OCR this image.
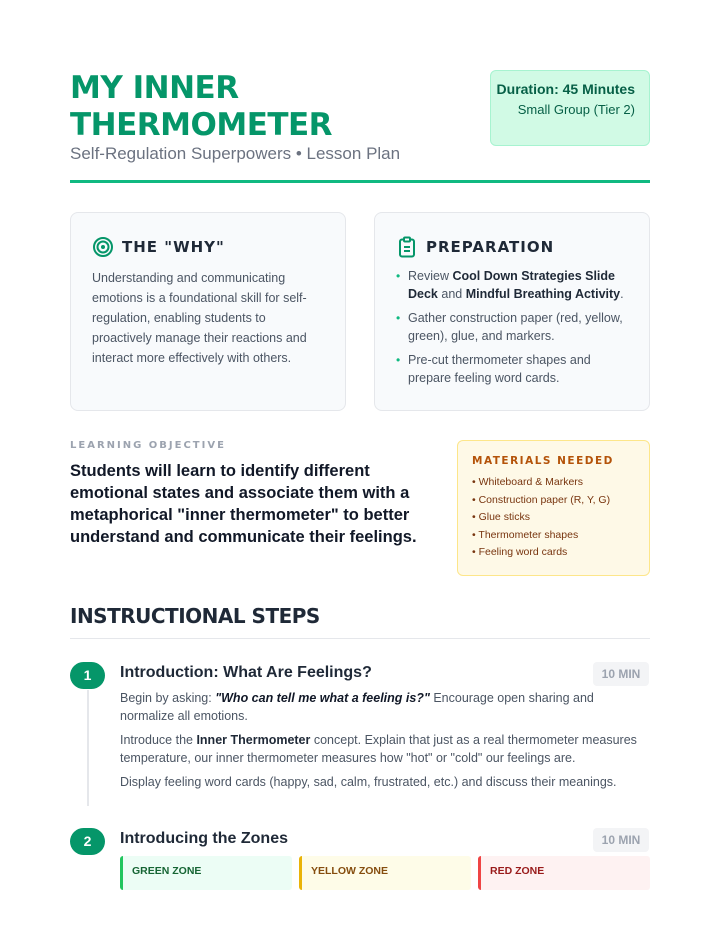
MY INNER THERMOMETER
Self-Regulation Superpowers • Lesson Plan
Duration: 45 Minutes
Small Group (Tier 2)
THE "WHY"
Understanding and communicating emotions is a foundational skill for self-regulation, enabling students to proactively manage their reactions and interact more effectively with others.
PREPARATION
• Review Cool Down Strategies Slide Deck and Mindful Breathing Activity.
• Gather construction paper (red, yellow, green), glue, and markers.
• Pre-cut thermometer shapes and prepare feeling word cards.
LEARNING OBJECTIVE
Students will learn to identify different emotional states and associate them with a metaphorical "inner thermometer" to better understand and communicate their feelings.
MATERIALS NEEDED
• Whiteboard & Markers
• Construction paper (R, Y, G)
• Glue sticks
• Thermometer shapes
• Feeling word cards
INSTRUCTIONAL STEPS
1	Introduction: What Are Feelings?	10 MIN

Begin by asking: "Who can tell me what a feeling is?" Encourage open sharing and normalize all emotions.

Introduce the Inner Thermometer concept. Explain that just as a real thermometer measures temperature, our inner thermometer measures how "hot" or "cold" our feelings are.

Display feeling word cards (happy, sad, calm, frustrated, etc.) and discuss their meanings.

2	Introducing the Zones	10 MIN
GREEN ZONE	YELLOW ZONE	RED ZONE
